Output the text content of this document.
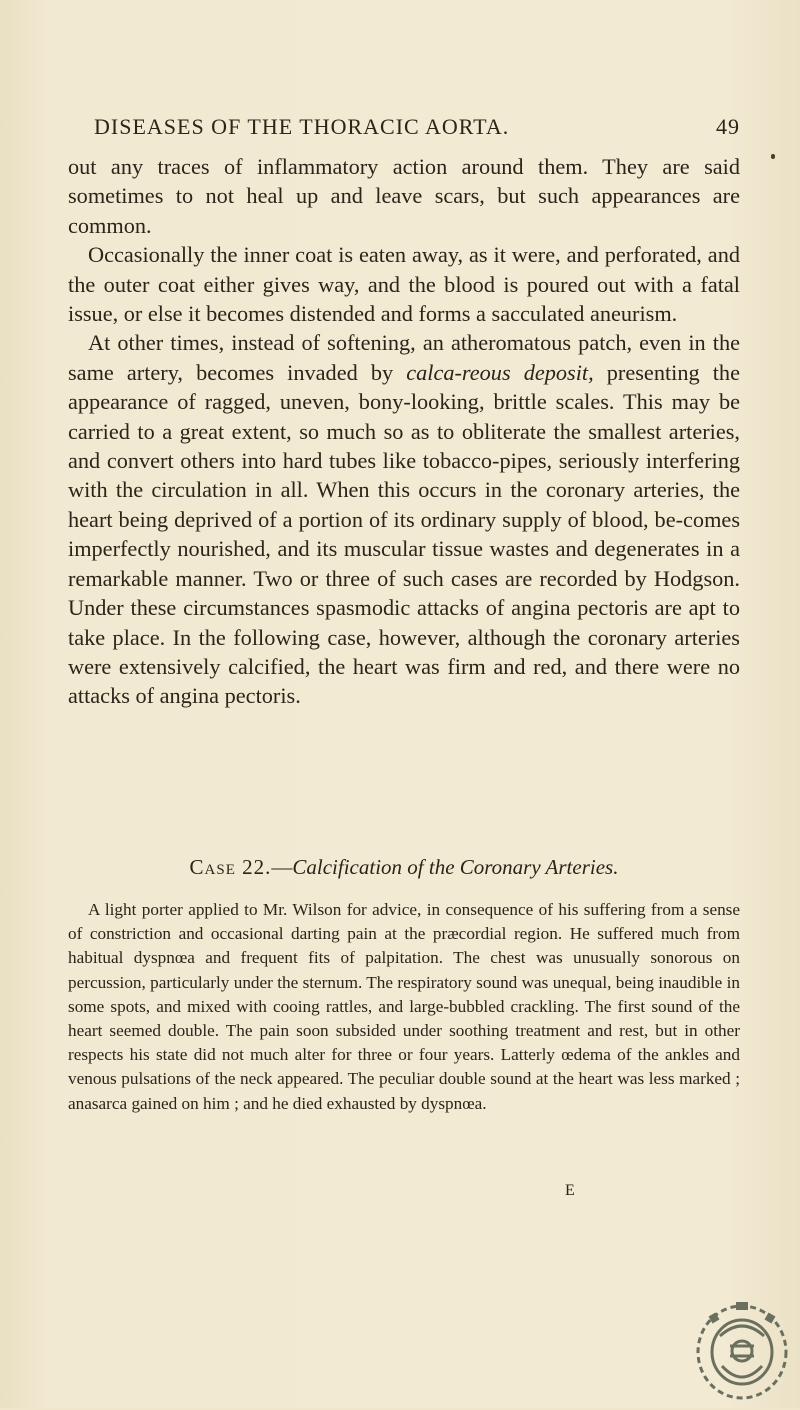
DISEASES OF THE THORACIC AORTA.	49

out any traces of inflammatory action around them. They are said sometimes to not heal up and leave scars, but such appearances are common.

Occasionally the inner coat is eaten away, as it were, and perforated, and the outer coat either gives way, and the blood is poured out with a fatal issue, or else it becomes distended and forms a sacculated aneurism.

At other times, instead of softening, an atheromatous patch, even in the same artery, becomes invaded by calca-reous deposit, presenting the appearance of ragged, uneven, bony-looking, brittle scales. This may be carried to a great extent, so much so as to obliterate the smallest arteries, and convert others into hard tubes like tobacco-pipes, seriously interfering with the circulation in all. When this occurs in the coronary arteries, the heart being deprived of a portion of its ordinary supply of blood, be-comes imperfectly nourished, and its muscular tissue wastes and degenerates in a remarkable manner. Two or three of such cases are recorded by Hodgson. Under these circumstances spasmodic attacks of angina pectoris are apt to take place. In the following case, however, although the coronary arteries were extensively calcified, the heart was firm and red, and there were no attacks of angina pectoris.

Case 22.—Calcification of the Coronary Arteries.

A light porter applied to Mr. Wilson for advice, in consequence of his suffering from a sense of constriction and occasional darting pain at the præcordial region. He suffered much from habitual dyspnœa and frequent fits of palpitation. The chest was unusually sonorous on percussion, particularly under the sternum. The respiratory sound was unequal, being inaudible in some spots, and mixed with cooing rattles, and large-bubbled crackling. The first sound of the heart seemed double. The pain soon subsided under soothing treatment and rest, but in other respects his state did not much alter for three or four years. Latterly œdema of the ankles and venous pulsations of the neck appeared. The peculiar double sound at the heart was less marked ; anasarca gained on him ; and he died exhausted by dyspnœa.

E
